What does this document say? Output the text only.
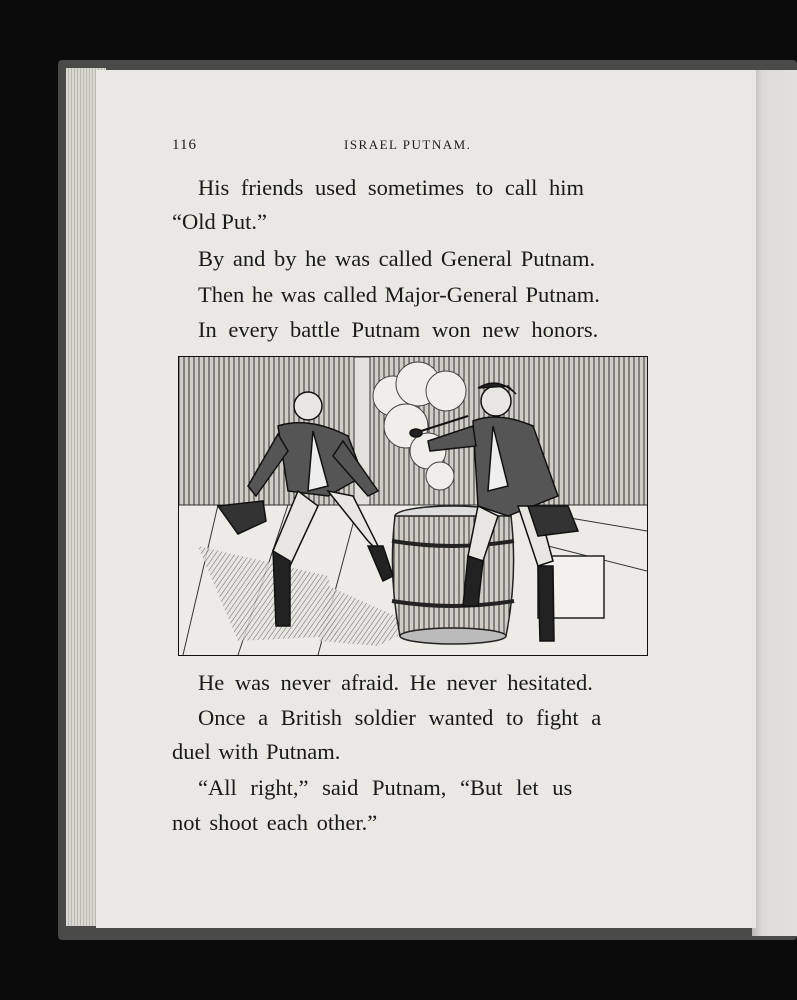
116	ISRAEL PUTNAM.
His friends used sometimes to call him
“Old Put.”
By and by he was called General Putnam.
Then he was called Major-General Putnam.
In every battle Putnam won new honors.
He was never afraid. He never hesitated.
Once a British soldier wanted to fight a
duel with Putnam.
“All right,” said Putnam, “But let us
not shoot each other.”
